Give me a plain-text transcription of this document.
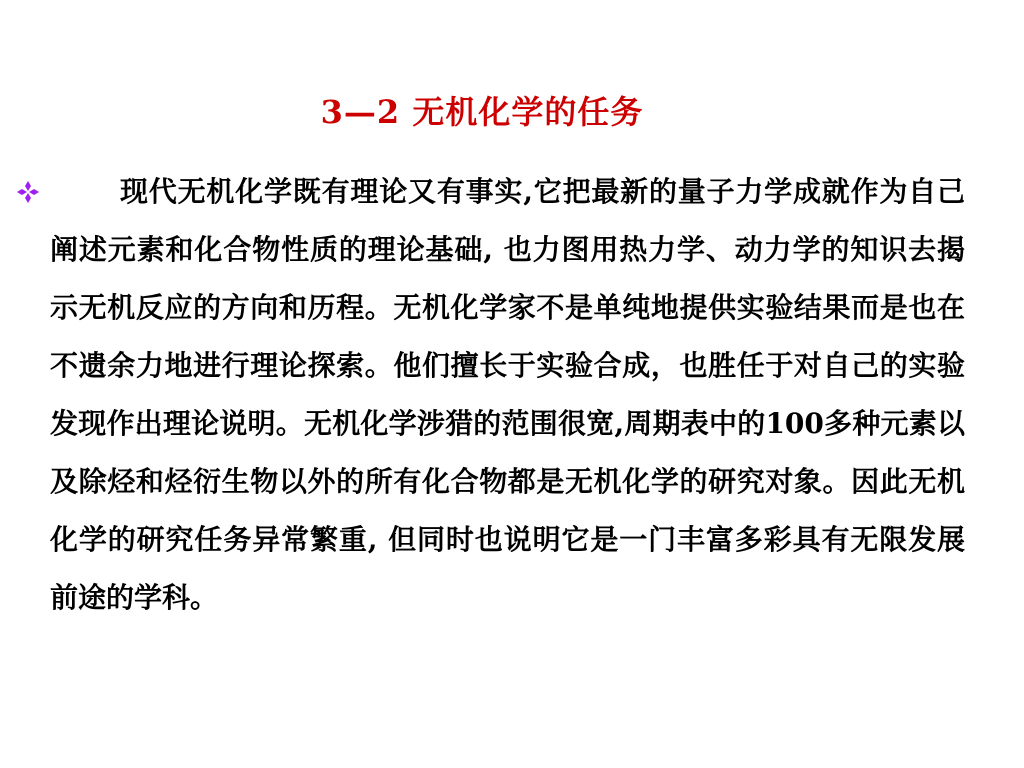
3—2 无机化学的任务
现代无机化学既有理论又有事实,它把最新的量子力学成就作为自己阐述元素和化合物性质的理论基础, 也力图用热力学、动力学的知识去揭示无机反应的方向和历程。无机化学家不是单纯地提供实验结果而是也在不遗余力地进行理论探索。他们擅长于实验合成，也胜任于对自己的实验发现作出理论说明。无机化学涉猎的范围很宽,周期表中的100多种元素以及除烃和烃衍生物以外的所有化合物都是无机化学的研究对象。因此无机化学的研究任务异常繁重, 但同时也说明它是一门丰富多彩具有无限发展前途的学科。
